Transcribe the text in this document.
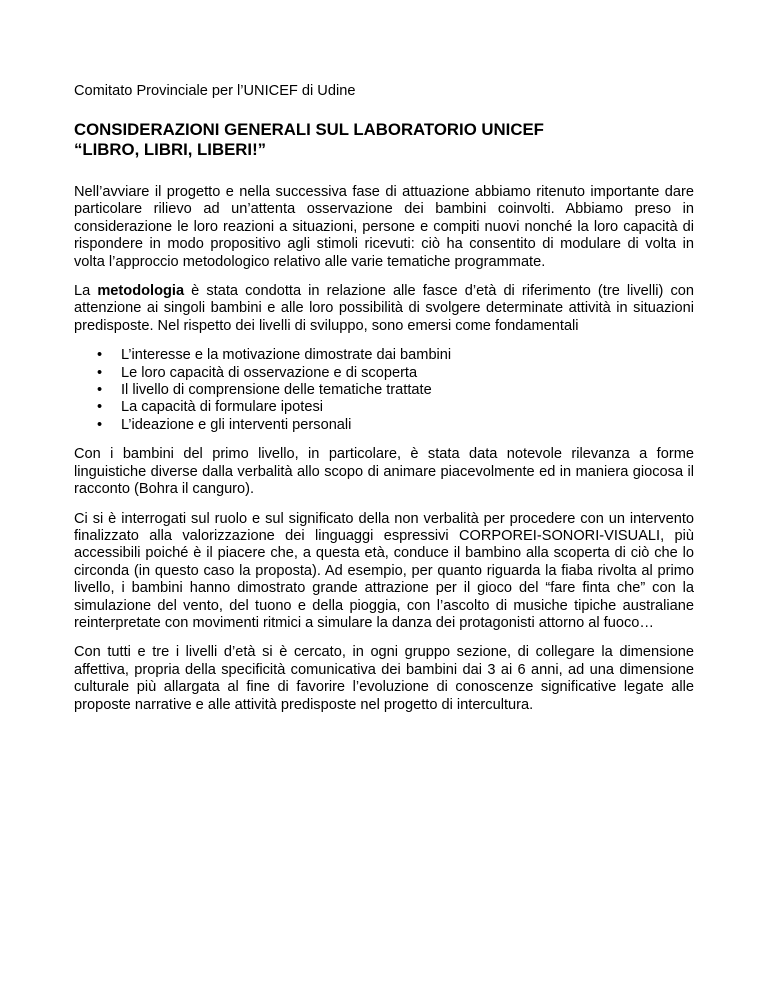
Comitato Provinciale per l’UNICEF di Udine

CONSIDERAZIONI GENERALI SUL LABORATORIO UNICEF
“LIBRO, LIBRI, LIBERI!”

Nell’avviare il progetto e nella successiva fase di attuazione abbiamo ritenuto importante dare particolare rilievo ad un’attenta osservazione dei bambini coinvolti. Abbiamo preso in considerazione le loro reazioni a situazioni, persone e compiti nuovi nonché la loro capacità di rispondere in modo propositivo agli stimoli ricevuti: ciò ha consentito di modulare di volta in volta l’approccio metodologico relativo alle varie tematiche programmate.

La metodologia è stata condotta in relazione alle fasce d’età di riferimento (tre livelli) con attenzione ai singoli bambini e alle loro possibilità di svolgere determinate attività in situazioni predisposte. Nel rispetto dei livelli di sviluppo, sono emersi come fondamentali

• L’interesse e la motivazione dimostrate dai bambini
• Le loro capacità di osservazione e di scoperta
• Il livello di comprensione delle tematiche trattate
• La capacità di formulare ipotesi
• L’ideazione e gli interventi personali

Con i bambini del primo livello, in particolare, è stata data notevole rilevanza a forme linguistiche diverse dalla verbalità allo scopo di animare piacevolmente ed in maniera giocosa il racconto (Bohra il canguro).

Ci si è interrogati sul ruolo e sul significato della non verbalità per procedere con un intervento finalizzato alla valorizzazione dei linguaggi espressivi CORPOREI-SONORI-VISUALI, più accessibili poiché è il piacere che, a questa età, conduce il bambino alla scoperta di ciò che lo circonda (in questo caso la proposta). Ad esempio, per quanto riguarda la fiaba rivolta al primo livello, i bambini hanno dimostrato grande attrazione per il gioco del “fare finta che” con la simulazione del vento, del tuono e della pioggia, con l’ascolto di musiche tipiche australiane reinterpretate con movimenti ritmici a simulare la danza dei protagonisti attorno al fuoco…

Con tutti e tre i livelli d’età si è cercato, in ogni gruppo sezione, di collegare la dimensione affettiva, propria della specificità comunicativa dei bambini dai 3 ai 6 anni, ad una dimensione culturale più allargata al fine di favorire l’evoluzione di conoscenze significative legate alle proposte narrative e alle attività predisposte nel progetto di intercultura.
